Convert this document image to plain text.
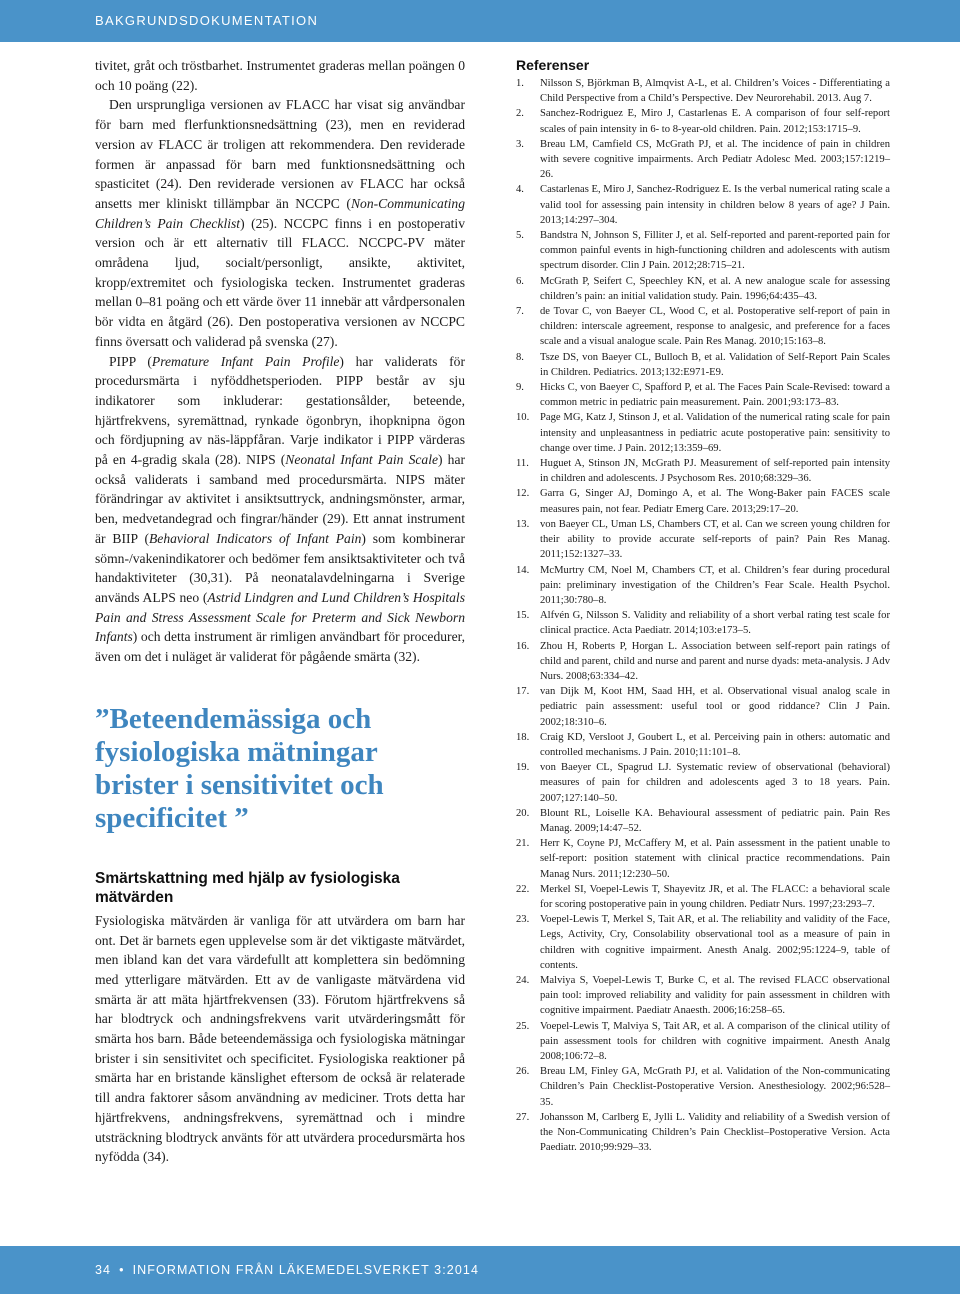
BAKGRUNDSDOKUMENTATION

tivitet, gråt och tröstbarhet. Instrumentet graderas mellan poängen 0 och 10 poäng (22).

Den ursprungliga versionen av FLACC har visat sig användbar för barn med flerfunktionsnedsättning (23), men en reviderad version av FLACC är troligen att rekommendera. Den reviderade formen är anpassad för barn med funktionsnedsättning och spasticitet (24). Den reviderade versionen av FLACC har också ansetts mer kliniskt tillämpbar än NCCPC (Non-Communicating Children’s Pain Checklist) (25). NCCPC finns i en postoperativ version och är ett alternativ till FLACC. NCCPC-PV mäter områdena ljud, socialt/personligt, ansikte, aktivitet, kropp/extremitet och fysiologiska tecken. Instrumentet graderas mellan 0–81 poäng och ett värde över 11 innebär att vårdpersonalen bör vidta en åtgärd (26). Den postoperativa versionen av NCCPC finns översatt och validerad på svenska (27).

PIPP (Premature Infant Pain Profile) har validerats för procedursmärta i nyföddhetsperioden. PIPP består av sju indikatorer som inkluderar: gestationsålder, beteende, hjärtfrekvens, syremättnad, rynkade ögonbryn, ihopknipna ögon och fördjupning av näs-läppfåran. Varje indikator i PIPP värderas på en 4-gradig skala (28). NIPS (Neonatal Infant Pain Scale) har också validerats i samband med procedursmärta. NIPS mäter förändringar av aktivitet i ansiktsuttryck, andningsmönster, armar, ben, medvetandegrad och fingrar/händer (29). Ett annat instrument är BIIP (Behavioral Indicators of Infant Pain) som kombinerar sömn-/vakenindikatorer och bedömer fem ansiktsaktiviteter och två handaktiviteter (30,31). På neonatalavdelningarna i Sverige används ALPS neo (Astrid Lindgren and Lund Children’s Hospitals Pain and Stress Assessment Scale for Preterm and Sick Newborn Infants) och detta instrument är rimligen användbart för procedurer, även om det i nuläget är validerat för pågående smärta (32).

”Beteendemässiga och fysiologiska mätningar brister i sensitivitet och specificitet ”
Smärtskattning med hjälp av fysiologiska mätvärden

Fysiologiska mätvärden är vanliga för att utvärdera om barn har ont. Det är barnets egen upplevelse som är det viktigaste mätvärdet, men ibland kan det vara värdefullt att komplettera sin bedömning med ytterligare mätvärden. Ett av de vanligaste mätvärdena vid smärta är att mäta hjärtfrekvensen (33). Förutom hjärtfrekvens så har blodtryck och andningsfrekvens varit utvärderingsmått för smärta hos barn. Både beteendemässiga och fysiologiska mätningar brister i sin sensitivitet och specificitet. Fysiologiska reaktioner på smärta har en bristande känslighet eftersom de också är relaterade till andra faktorer såsom användning av mediciner. Trots detta har hjärtfrekvens, andningsfrekvens, syremättnad och i mindre utsträckning blodtryck använts för att utvärdera procedursmärta hos nyfödda (34).

Referenser
1. Nilsson S, Björkman B, Almqvist A-L, et al. Children’s Voices - Differentiating a Child Perspective from a Child’s Perspective. Dev Neurorehabil. 2013. Aug 7.
2. Sanchez-Rodriguez E, Miro J, Castarlenas E. A comparison of four self-report scales of pain intensity in 6- to 8-year-old children. Pain. 2012;153:1715–9.
3. Breau LM, Camfield CS, McGrath PJ, et al. The incidence of pain in children with severe cognitive impairments. Arch Pediatr Adolesc Med. 2003;157:1219–26.
4. Castarlenas E, Miro J, Sanchez-Rodriguez E. Is the verbal numerical rating scale a valid tool for assessing pain intensity in children below 8 years of age? J Pain. 2013;14:297–304.
5. Bandstra N, Johnson S, Filliter J, et al. Self-reported and parent-reported pain for common painful events in high-functioning children and adolescents with autism spectrum disorder. Clin J Pain. 2012;28:715–21.
6. McGrath P, Seifert C, Speechley KN, et al. A new analogue scale for assessing children’s pain: an initial validation study. Pain. 1996;64:435–43.
7. de Tovar C, von Baeyer CL, Wood C, et al. Postoperative self-report of pain in children: interscale agreement, response to analgesic, and preference for a faces scale and a visual analogue scale. Pain Res Manag. 2010;15:163–8.
8. Tsze DS, von Baeyer CL, Bulloch B, et al. Validation of Self-Report Pain Scales in Children. Pediatrics. 2013;132:E971-E9.
9. Hicks C, von Baeyer C, Spafford P, et al. The Faces Pain Scale-Revised: toward a common metric in pediatric pain measurement. Pain. 2001;93:173–83.
10. Page MG, Katz J, Stinson J, et al. Validation of the numerical rating scale for pain intensity and unpleasantness in pediatric acute postoperative pain: sensitivity to change over time. J Pain. 2012;13:359–69.
11. Huguet A, Stinson JN, McGrath PJ. Measurement of self-reported pain intensity in children and adolescents. J Psychosom Res. 2010;68:329–36.
12. Garra G, Singer AJ, Domingo A, et al. The Wong-Baker pain FACES scale measures pain, not fear. Pediatr Emerg Care. 2013;29:17–20.
13. von Baeyer CL, Uman LS, Chambers CT, et al. Can we screen young children for their ability to provide accurate self-reports of pain? Pain Res Manag. 2011;152:1327–33.
14. McMurtry CM, Noel M, Chambers CT, et al. Children’s fear during procedural pain: preliminary investigation of the Children’s Fear Scale. Health Psychol. 2011;30:780–8.
15. Alfvén G, Nilsson S. Validity and reliability of a short verbal rating test scale for clinical practice. Acta Paediatr. 2014;103:e173–5.
16. Zhou H, Roberts P, Horgan L. Association between self-report pain ratings of child and parent, child and nurse and parent and nurse dyads: meta-analysis. J Adv Nurs. 2008;63:334–42.
17. van Dijk M, Koot HM, Saad HH, et al. Observational visual analog scale in pediatric pain assessment: useful tool or good riddance? Clin J Pain. 2002;18:310–6.
18. Craig KD, Versloot J, Goubert L, et al. Perceiving pain in others: automatic and controlled mechanisms. J Pain. 2010;11:101–8.
19. von Baeyer CL, Spagrud LJ. Systematic review of observational (behavioral) measures of pain for children and adolescents aged 3 to 18 years. Pain. 2007;127:140–50.
20. Blount RL, Loiselle KA. Behavioural assessment of pediatric pain. Pain Res Manag. 2009;14:47–52.
21. Herr K, Coyne PJ, McCaffery M, et al. Pain assessment in the patient unable to self-report: position statement with clinical practice recommendations. Pain Manag Nurs. 2011;12:230–50.
22. Merkel SI, Voepel-Lewis T, Shayevitz JR, et al. The FLACC: a behavioral scale for scoring postoperative pain in young children. Pediatr Nurs. 1997;23:293–7.
23. Voepel-Lewis T, Merkel S, Tait AR, et al. The reliability and validity of the Face, Legs, Activity, Cry, Consolability observational tool as a measure of pain in children with cognitive impairment. Anesth Analg. 2002;95:1224–9, table of contents.
24. Malviya S, Voepel-Lewis T, Burke C, et al. The revised FLACC observational pain tool: improved reliability and validity for pain assessment in children with cognitive impairment. Paediatr Anaesth. 2006;16:258–65.
25. Voepel-Lewis T, Malviya S, Tait AR, et al. A comparison of the clinical utility of pain assessment tools for children with cognitive impairment. Anesth Analg 2008;106:72–8.
26. Breau LM, Finley GA, McGrath PJ, et al. Validation of the Non-communicating Children’s Pain Checklist-Postoperative Version. Anesthesiology. 2002;96:528–35.
27. Johansson M, Carlberg E, Jylli L. Validity and reliability of a Swedish version of the Non-Communicating Children’s Pain Checklist–Postoperative Version. Acta Paediatr. 2010;99:929–33.
34 • INFORMATION FRÅN LÄKEMEDELSVERKET 3:2014
